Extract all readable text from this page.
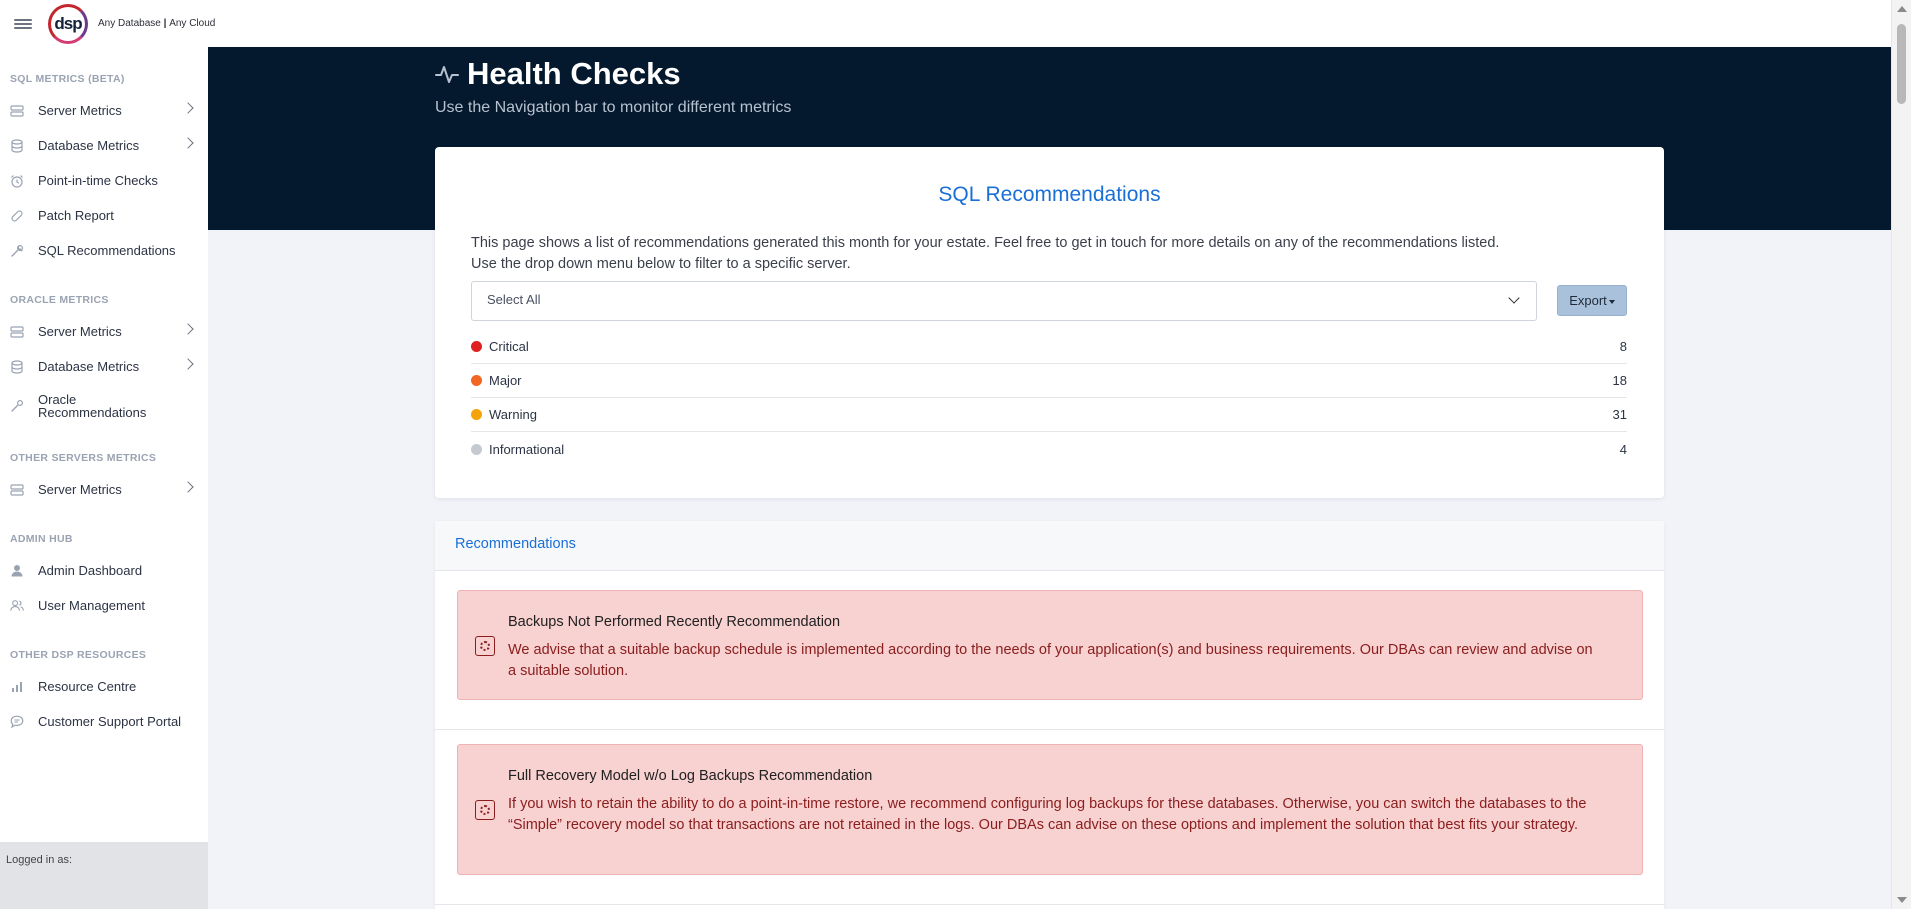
dsp Any Database | Any Cloud
SQL METRICS (BETA)
Server Metrics
Database Metrics
Point-in-time Checks
Patch Report
SQL Recommendations
ORACLE METRICS
Server Metrics
Database Metrics
Oracle Recommendations
OTHER SERVERS METRICS
Server Metrics
ADMIN HUB
Admin Dashboard
User Management
OTHER DSP RESOURCES
Resource Centre
Customer Support Portal
Logged in as:
Health Checks
Use the Navigation bar to monitor different metrics
SQL Recommendations
This page shows a list of recommendations generated this month for your estate. Feel free to get in touch for more details on any of the recommendations listed.
Use the drop down menu below to filter to a specific server.
Select All	Export
Critical	8
Major	18
Warning	31
Informational	4
Recommendations
Backups Not Performed Recently Recommendation
We advise that a suitable backup schedule is implemented according to the needs of your application(s) and business requirements. Our DBAs can review and advise on a suitable solution.
Full Recovery Model w/o Log Backups Recommendation
If you wish to retain the ability to do a point-in-time restore, we recommend configuring log backups for these databases. Otherwise, you can switch the databases to the “Simple” recovery model so that transactions are not retained in the logs. Our DBAs can advise on these options and implement the solution that best fits your strategy.
